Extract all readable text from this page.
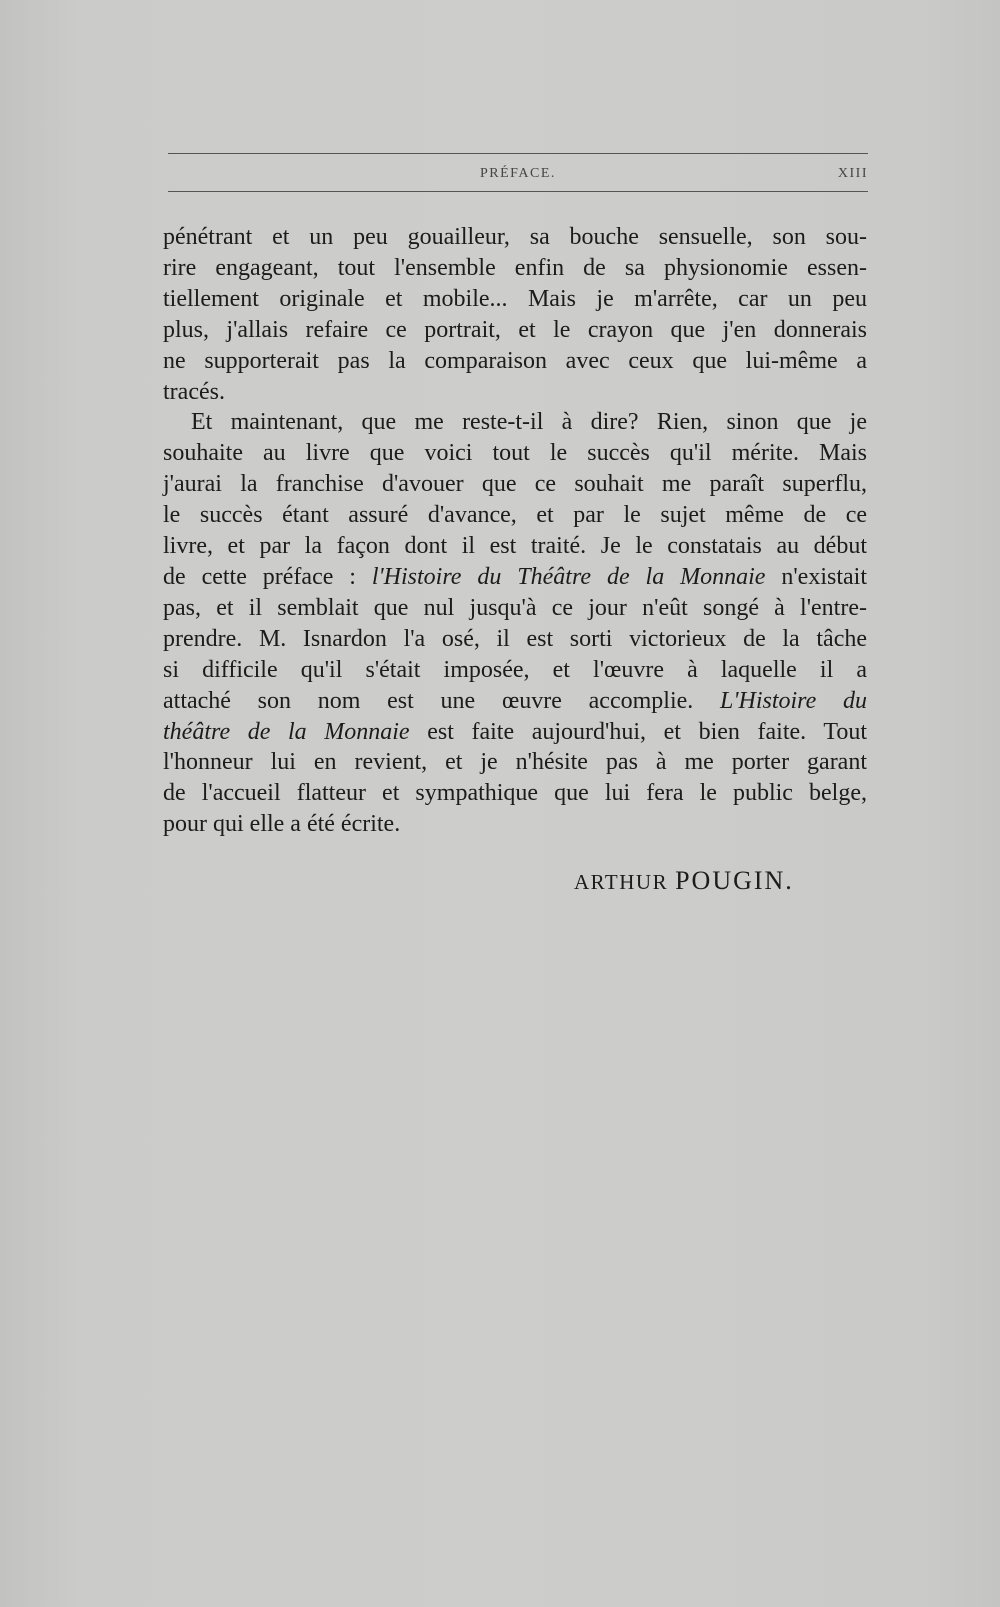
PRÉFACE.	XIII

pénétrant et un peu gouailleur, sa bouche sensuelle, son sou-
rire engageant, tout l'ensemble enfin de sa physionomie essen-
tiellement originale et mobile... Mais je m'arrête, car un peu
plus, j'allais refaire ce portrait, et le crayon que j'en donnerais
ne supporterait pas la comparaison avec ceux que lui-même a
tracés.

Et maintenant, que me reste-t-il à dire? Rien, sinon que je
souhaite au livre que voici tout le succès qu'il mérite. Mais
j'aurai la franchise d'avouer que ce souhait me paraît superflu,
le succès étant assuré d'avance, et par le sujet même de ce
livre, et par la façon dont il est traité. Je le constatais au début
de cette préface : l'Histoire du Théâtre de la Monnaie n'existait
pas, et il semblait que nul jusqu'à ce jour n'eût songé à l'entre-
prendre. M. Isnardon l'a osé, il est sorti victorieux de la tâche
si difficile qu'il s'était imposée, et l'œuvre à laquelle il a
attaché son nom est une œuvre accomplie. L'Histoire du
théâtre de la Monnaie est faite aujourd'hui, et bien faite. Tout
l'honneur lui en revient, et je n'hésite pas à me porter garant
de l'accueil flatteur et sympathique que lui fera le public belge,
pour qui elle a été écrite.

ARTHUR POUGIN.
